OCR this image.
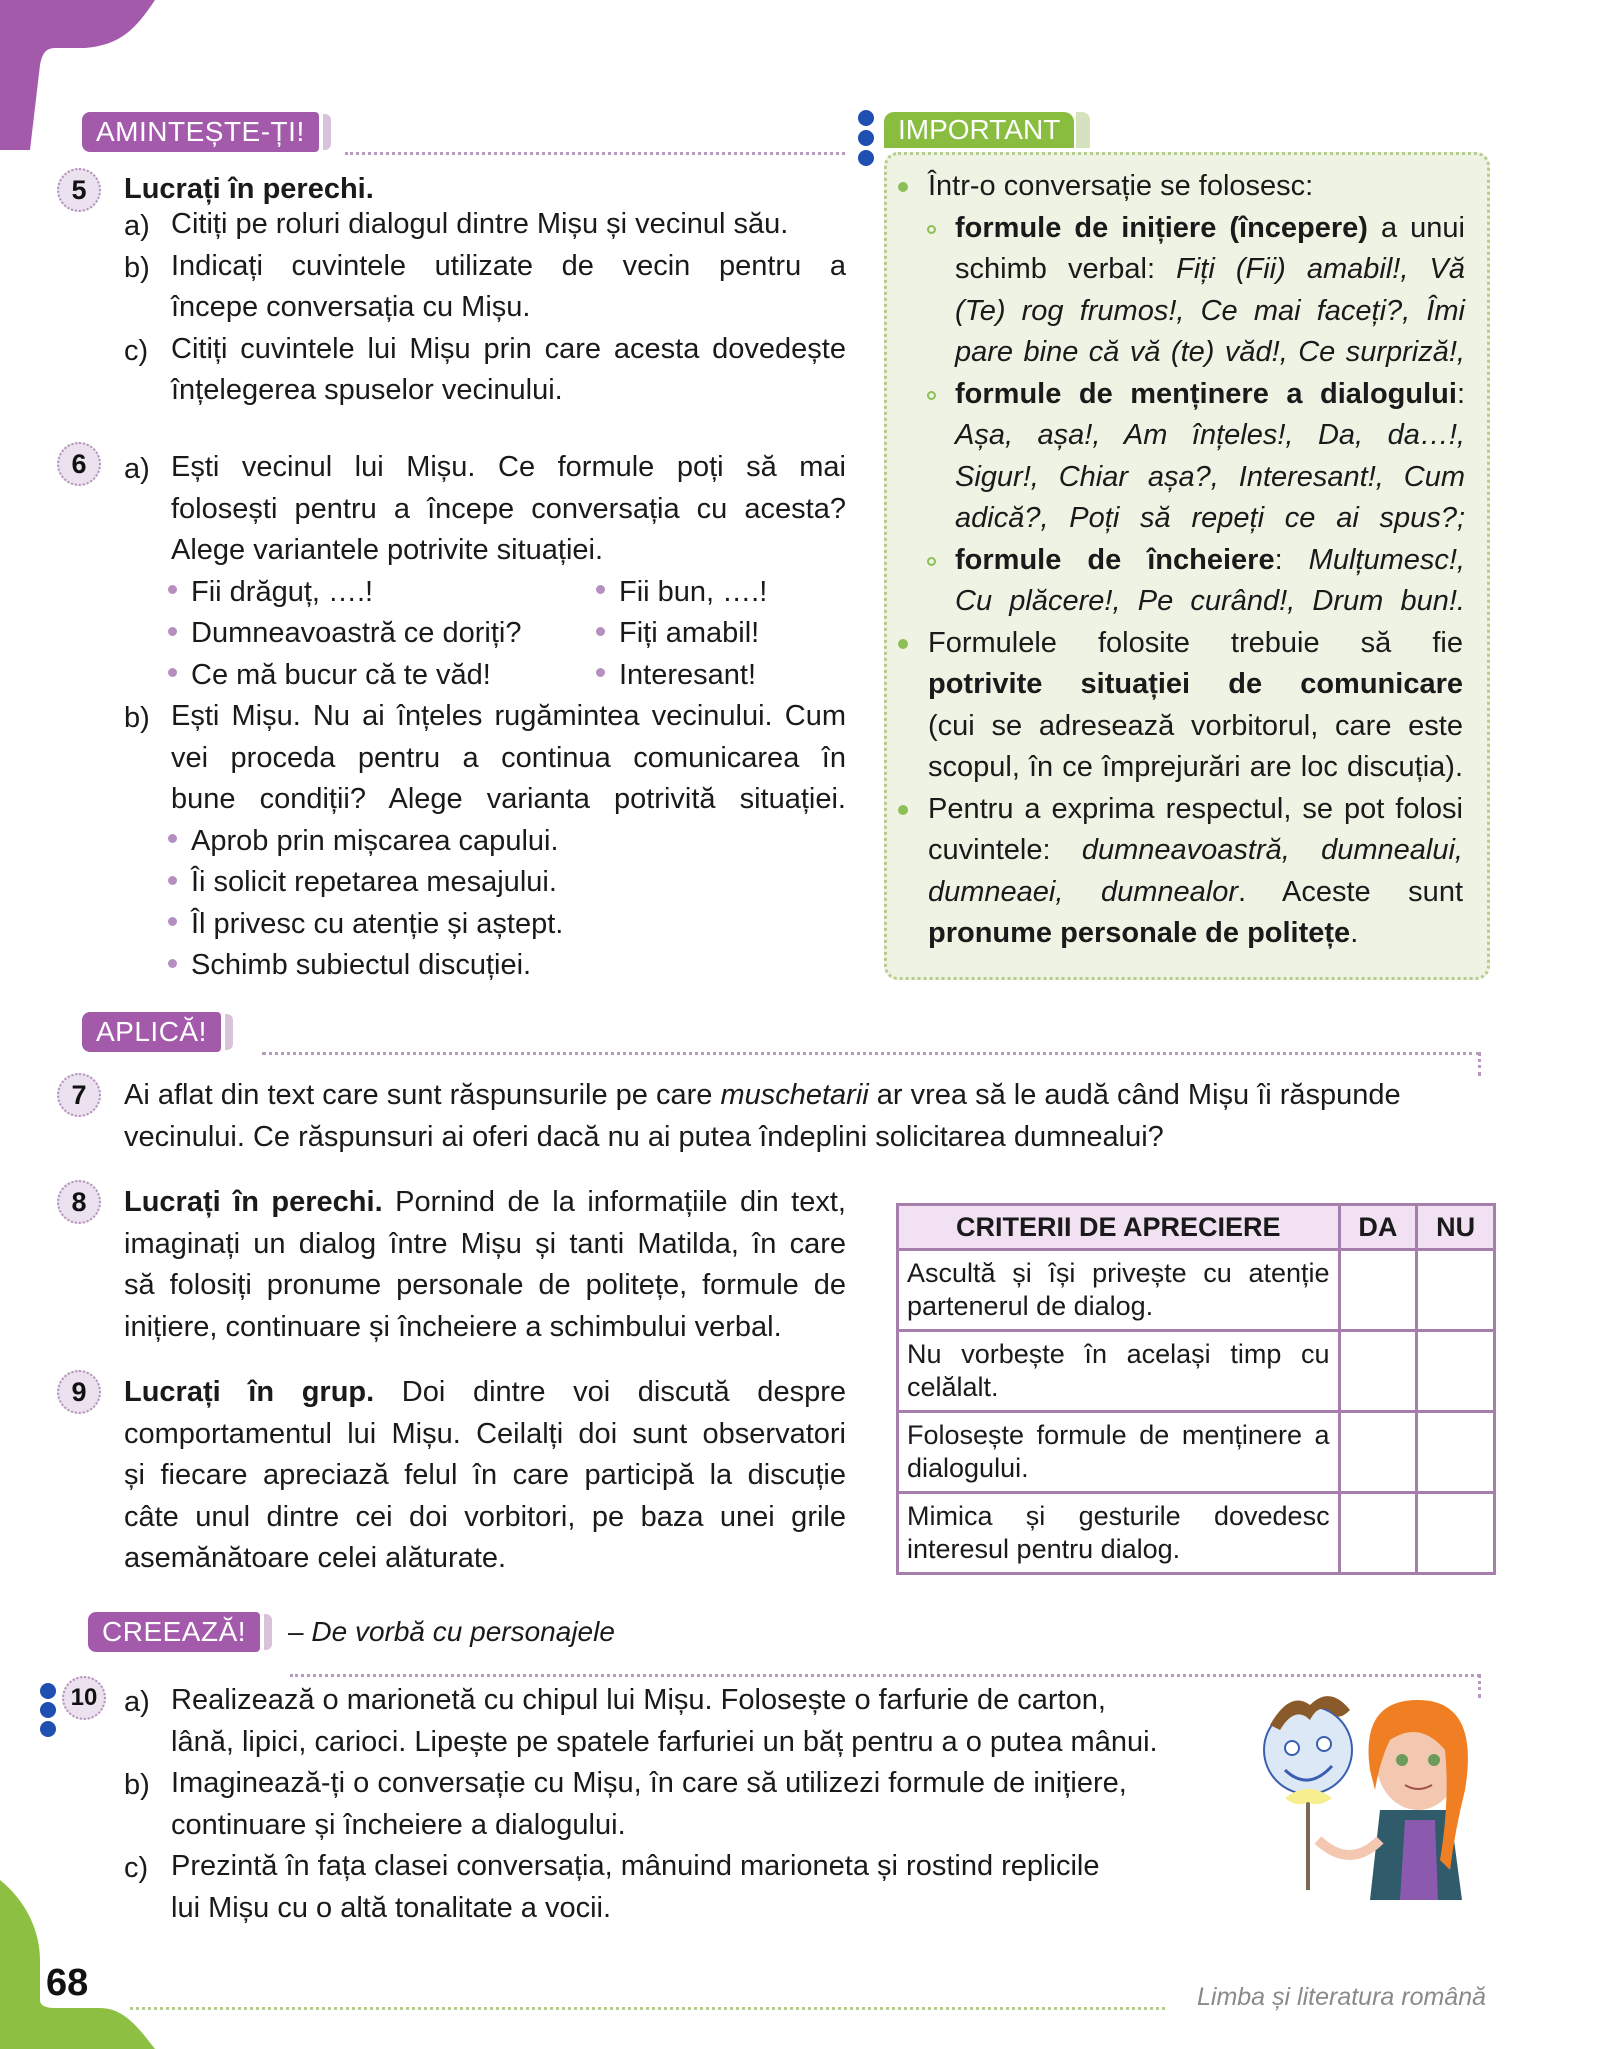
AMINTEȘTE-ȚI!
5	Lucrați în perechi.
a) Citiți pe roluri dialogul dintre Mișu și vecinul său.
b) Indicați cuvintele utilizate de vecin pentru a
începe conversația cu Mișu.
c) Citiți cuvintele lui Mișu prin care acesta dovedește
înțelegerea spuselor vecinului.
6	a) Ești vecinul lui Mișu. Ce formule poți să mai
folosești pentru a începe conversația cu acesta?
Alege variantele potrivite situației.
Fii drăguț, ….!
Dumneavoastră ce doriți?
Ce mă bucur că te văd!
Fii bun, ….!
Fiți amabil!
Interesant!
b) Ești Mișu. Nu ai înțeles rugămintea vecinului. Cum
vei proceda pentru a continua comunicarea în
bune condiții? Alege varianta potrivită situației.
Aprob prin mișcarea capului.
Îi solicit repetarea mesajului.
Îl privesc cu atenție și aștept.
Schimb subiectul discuției.
IMPORTANT
Într-o conversație se folosesc:
formule de inițiere (începere) a unui
schimb verbal: Fiți (Fii) amabil!, Vă
(Te) rog frumos!, Ce mai faceți?, Îmi
pare bine că vă (te) văd!, Ce surpriză!,
formule de menținere a dialogului:
Așa, așa!, Am înțeles!, Da, da…!,
Sigur!, Chiar așa?, Interesant!, Cum
adică?, Poți să repeți ce ai spus?;
formule de încheiere: Mulțumesc!,
Cu plăcere!, Pe curând!, Drum bun!.
Formulele folosite trebuie să fie
potrivite situației de comunicare
(cui se adresează vorbitorul, care este
scopul, în ce împrejurări are loc discuția).
Pentru a exprima respectul, se pot folosi
cuvintele: dumneavoastră, dumnealui,
dumneaei, dumnealor. Aceste sunt
pronume personale de politețe.
APLICĂ!
7	Ai aflat din text care sunt răspunsurile pe care muschetarii ar vrea să le audă când Mișu îi răspunde
vecinului. Ce răspunsuri ai oferi dacă nu ai putea îndeplini solicitarea dumnealui?
8	Lucrați în perechi. Pornind de la informațiile din text,
imaginați un dialog între Mișu și tanti Matilda, în care
să folosiți pronume personale de politețe, formule de
inițiere, continuare și încheiere a schimbului verbal.
9	Lucrați în grup. Doi dintre voi discută despre
comportamentul lui Mișu. Ceilalți doi sunt observatori
și fiecare apreciază felul în care participă la discuție
câte unul dintre cei doi vorbitori, pe baza unei grile
asemănătoare celei alăturate.
CRITERII DE APRECIERE	DA	NU
Ascultă și își privește cu atenție partenerul de dialog.		
Nu vorbește în același timp cu celălalt.		
Folosește formule de menținere a dialogului.		
Mimica și gesturile dovedesc interesul pentru dialog.		
CREEAZĂ!	– De vorbă cu personajele
10 a) Realizează o marionetă cu chipul lui Mișu. Folosește o farfurie de carton,
lână, lipici, carioci. Lipește pe spatele farfuriei un băț pentru a o putea mânui.
b) Imaginează-ți o conversație cu Mișu, în care să utilizezi formule de inițiere,
continuare și încheiere a dialogului.
c) Prezintă în fața clasei conversația, mânuind marioneta și rostind replicile
lui Mișu cu o altă tonalitate a vocii.
68	Limba și literatura română
